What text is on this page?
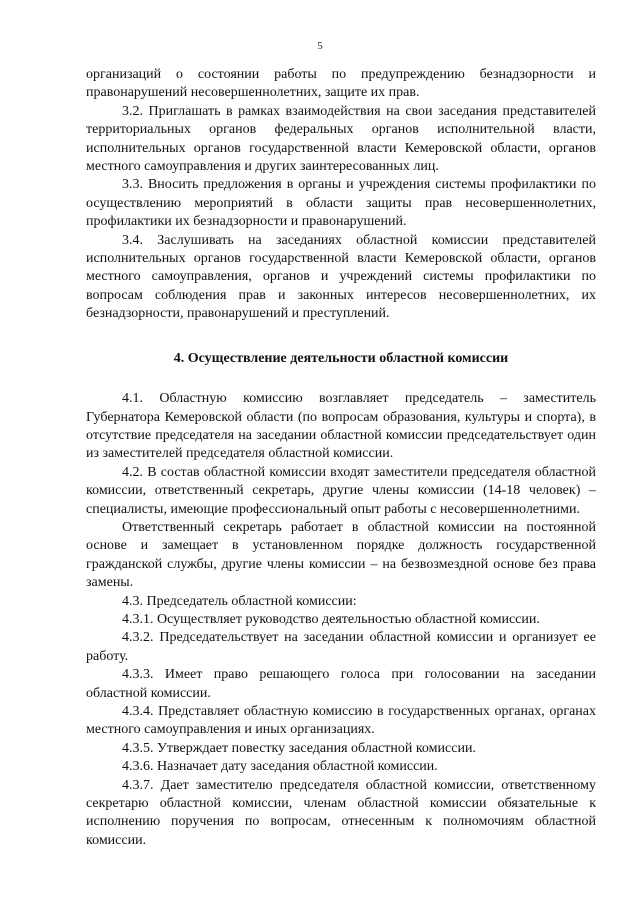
5

организаций о состоянии работы по предупреждению безнадзорности и правонарушений несовершеннолетних, защите их прав.

3.2. Приглашать в рамках взаимодействия на свои заседания представителей территориальных органов федеральных органов исполнительной власти, исполнительных органов государственной власти Кемеровской области, органов местного самоуправления и других заинтересованных лиц.

3.3. Вносить предложения в органы и учреждения системы профилактики по осуществлению мероприятий в области защиты прав несовершеннолетних, профилактики их безнадзорности и правонарушений.

3.4. Заслушивать на заседаниях областной комиссии представителей исполнительных органов государственной власти Кемеровской области, органов местного самоуправления, органов и учреждений системы профилактики по вопросам соблюдения прав и законных интересов несовершеннолетних, их безнадзорности, правонарушений и преступлений.

4. Осуществление деятельности областной комиссии

4.1. Областную комиссию возглавляет председатель – заместитель Губернатора Кемеровской области (по вопросам образования, культуры и спорта), в отсутствие председателя на заседании областной комиссии председательствует один из заместителей председателя областной комиссии.

4.2. В состав областной комиссии входят заместители председателя областной комиссии, ответственный секретарь, другие члены комиссии (14-18 человек) – специалисты, имеющие профессиональный опыт работы с несовершеннолетними.

Ответственный секретарь работает в областной комиссии на постоянной основе и замещает в установленном порядке должность государственной гражданской службы, другие члены комиссии – на безвозмездной основе без права замены.

4.3. Председатель областной комиссии:

4.3.1. Осуществляет руководство деятельностью областной комиссии.

4.3.2. Председательствует на заседании областной комиссии и организует ее работу.

4.3.3. Имеет право решающего голоса при голосовании на заседании областной комиссии.

4.3.4. Представляет областную комиссию в государственных органах, органах местного самоуправления и иных организациях.

4.3.5. Утверждает повестку заседания областной комиссии.

4.3.6. Назначает дату заседания областной комиссии.

4.3.7. Дает заместителю председателя областной комиссии, ответственному секретарю областной комиссии, членам областной комиссии обязательные к исполнению поручения по вопросам, отнесенным к полномочиям областной комиссии.
